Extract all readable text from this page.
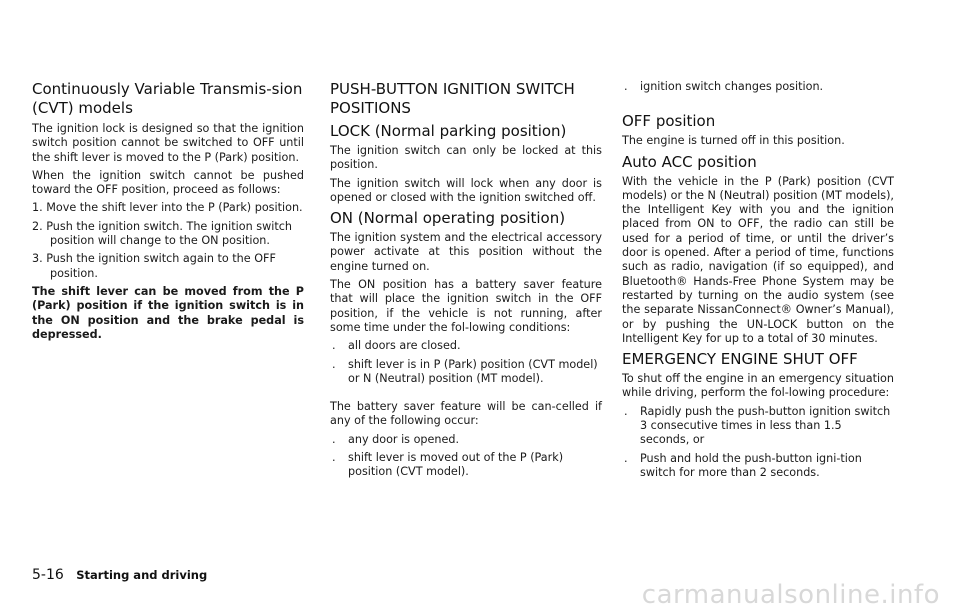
Continuously Variable Transmis-sion (CVT) models

The ignition lock is designed so that the ignition switch position cannot be switched to OFF until the shift lever is moved to the P (Park) position.

When the ignition switch cannot be pushed toward the OFF position, proceed as follows:

1. Move the shift lever into the P (Park) position.
2. Push the ignition switch. The ignition switch position will change to the ON position.
3. Push the ignition switch again to the OFF position.

The shift lever can be moved from the P (Park) position if the ignition switch is in the ON position and the brake pedal is depressed.

PUSH-BUTTON IGNITION SWITCH POSITIONS
LOCK (Normal parking position)

The ignition switch can only be locked at this position.

The ignition switch will lock when any door is opened or closed with the ignition switched off.

ON (Normal operating position)

The ignition system and the electrical accessory power activate at this position without the engine turned on.

The ON position has a battery saver feature that will place the ignition switch in the OFF position, if the vehicle is not running, after some time under the fol-lowing conditions:

. all doors are closed.
. shift lever is in P (Park) position (CVT model) or N (Neutral) position (MT model).

The battery saver feature will be can-celled if any of the following occur:

. any door is opened.
. shift lever is moved out of the P (Park) position (CVT model).
. ignition switch changes position.
OFF position

The engine is turned off in this position.

Auto ACC position

With the vehicle in the P (Park) position (CVT models) or the N (Neutral) position (MT models), the Intelligent Key with you and the ignition placed from ON to OFF, the radio can still be used for a period of time, or until the driver’s door is opened. After a period of time, functions such as radio, navigation (if so equipped), and Bluetooth® Hands-Free Phone System may be restarted by turning on the audio system (see the separate NissanConnect® Owner’s Manual), or by pushing the UN-LOCK button on the Intelligent Key for up to a total of 30 minutes.

EMERGENCY ENGINE SHUT OFF

To shut off the engine in an emergency situation while driving, perform the fol-lowing procedure:

. Rapidly push the push-button ignition switch 3 consecutive times in less than 1.5 seconds, or
. Push and hold the push-button igni-tion switch for more than 2 seconds.
5-16 Starting and driving
carmanualsonline.info
